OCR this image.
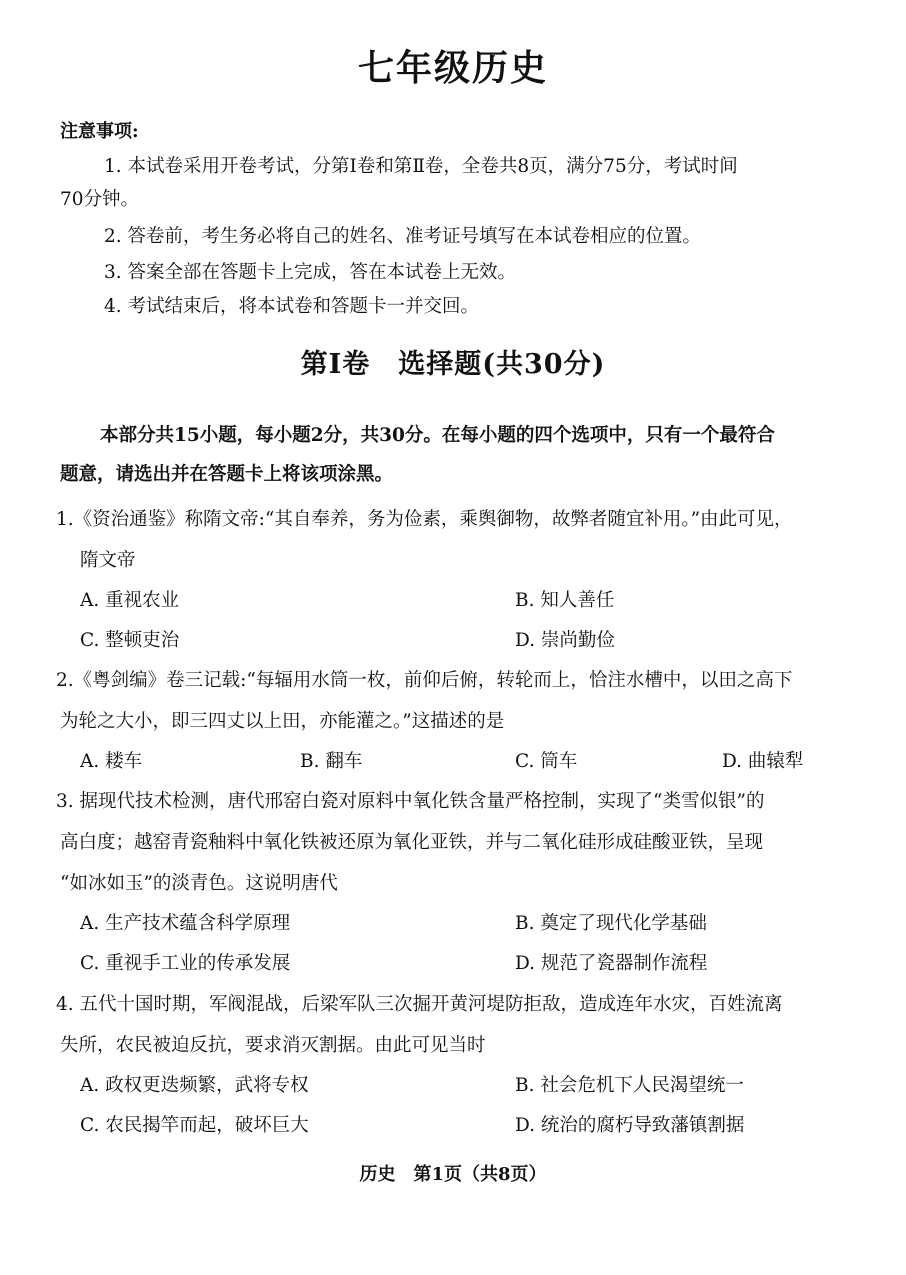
七年级历史
注意事项:
1. 本试卷采用开卷考试，分第Ⅰ卷和第Ⅱ卷，全卷共8页，满分75分，考试时间
70分钟。
2. 答卷前，考生务必将自己的姓名、准考证号填写在本试卷相应的位置。
3. 答案全部在答题卡上完成，答在本试卷上无效。
4. 考试结束后，将本试卷和答题卡一并交回。
第Ⅰ卷　选择题(共30分)
本部分共15小题，每小题2分，共30分。在每小题的四个选项中，只有一个最符合
题意，请选出并在答题卡上将该项涂黑。
1.《资治通鉴》称隋文帝:“其自奉养，务为俭素，乘舆御物，故弊者随宜补用。”由此可见，
隋文帝
A. 重视农业	B. 知人善任
C. 整顿吏治	D. 崇尚勤俭
2.《粤剑编》卷三记载:“每辐用水筒一枚，前仰后俯，转轮而上，恰注水槽中，以田之高下
为轮之大小，即三四丈以上田，亦能灌之。”这描述的是
A. 耧车	B. 翻车	C. 筒车	D. 曲辕犁
3. 据现代技术检测，唐代邢窑白瓷对原料中氧化铁含量严格控制，实现了“类雪似银”的
高白度；越窑青瓷釉料中氧化铁被还原为氧化亚铁，并与二氧化硅形成硅酸亚铁，呈现
“如冰如玉”的淡青色。这说明唐代
A. 生产技术蕴含科学原理	B. 奠定了现代化学基础
C. 重视手工业的传承发展	D. 规范了瓷器制作流程
4. 五代十国时期，军阀混战，后梁军队三次掘开黄河堤防拒敌，造成连年水灾，百姓流离
失所，农民被迫反抗，要求消灭割据。由此可见当时
A. 政权更迭频繁，武将专权	B. 社会危机下人民渴望统一
C. 农民揭竿而起，破坏巨大	D. 统治的腐朽导致藩镇割据
历史　第1页（共8页）
